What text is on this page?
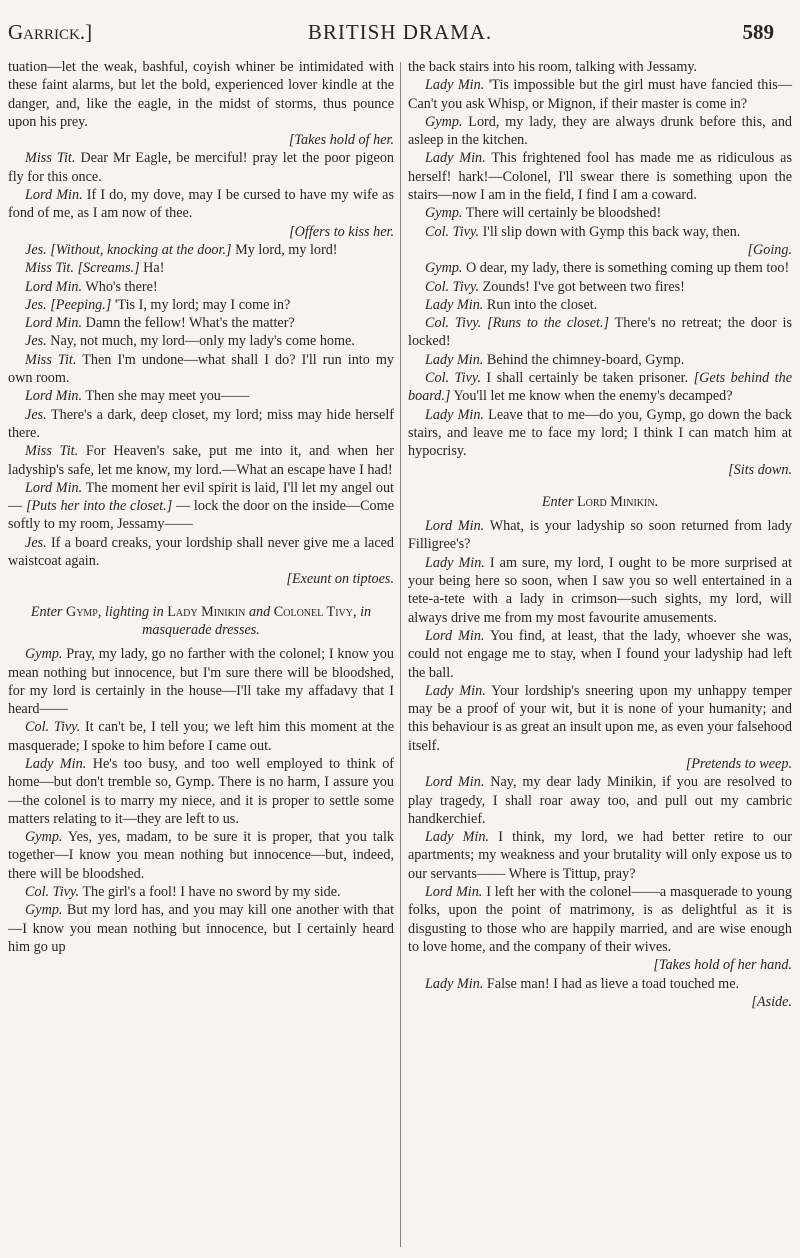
Garrick.]	BRITISH DRAMA.	589

tuation—let the weak, bashful, coyish whiner be intimidated with these faint alarms, but let the bold, experienced lover kindle at the danger, and, like the eagle, in the midst of storms, thus pounce upon his prey.
[Takes hold of her.

Miss Tit. Dear Mr Eagle, be merciful! pray let the poor pigeon fly for this once.

Lord Min. If I do, my dove, may I be cursed to have my wife as fond of me, as I am now of thee.
[Offers to kiss her.

Jes. [Without, knocking at the door.] My lord, my lord!

Miss Tit. [Screams.] Ha!

Lord Min. Who's there!

Jes. [Peeping.] 'Tis I, my lord; may I come in?

Lord Min. Damn the fellow! What's the matter?

Jes. Nay, not much, my lord—only my lady's come home.

Miss Tit. Then I'm undone—what shall I do? I'll run into my own room.

Lord Min. Then she may meet you——

Jes. There's a dark, deep closet, my lord; miss may hide herself there.

Miss Tit. For Heaven's sake, put me into it, and when her ladyship's safe, let me know, my lord.—What an escape have I had!

Lord Min. The moment her evil spirit is laid, I'll let my angel out— [Puts her into the closet.] — lock the door on the inside—Come softly to my room, Jessamy——

Jes. If a board creaks, your lordship shall never give me a laced waistcoat again.
[Exeunt on tiptoes.

Enter Gymp, lighting in Lady Minikin and Colonel Tivy, in masquerade dresses.

Gymp. Pray, my lady, go no farther with the colonel; I know you mean nothing but innocence, but I'm sure there will be bloodshed, for my lord is certainly in the house—I'll take my affadavy that I heard——

Col. Tivy. It can't be, I tell you; we left him this moment at the masquerade; I spoke to him before I came out.

Lady Min. He's too busy, and too well employed to think of home—but don't tremble so, Gymp. There is no harm, I assure you—the colonel is to marry my niece, and it is proper to settle some matters relating to it—they are left to us.

Gymp. Yes, yes, madam, to be sure it is proper, that you talk together—I know you mean nothing but innocence—but, indeed, there will be bloodshed.

Col. Tivy. The girl's a fool! I have no sword by my side.

Gymp. But my lord has, and you may kill one another with that—I know you mean nothing but innocence, but I certainly heard him go up

the back stairs into his room, talking with Jessamy.

Lady Min. 'Tis impossible but the girl must have fancied this—Can't you ask Whisp, or Mignon, if their master is come in?

Gymp. Lord, my lady, they are always drunk before this, and asleep in the kitchen.

Lady Min. This frightened fool has made me as ridiculous as herself! hark!—Colonel, I'll swear there is something upon the stairs—now I am in the field, I find I am a coward.

Gymp. There will certainly be bloodshed!

Col. Tivy. I'll slip down with Gymp this back way, then.
[Going.

Gymp. O dear, my lady, there is something coming up them too!

Col. Tivy. Zounds! I've got between two fires!

Lady Min. Run into the closet.

Col. Tivy. [Runs to the closet.] There's no retreat; the door is locked!

Lady Min. Behind the chimney-board, Gymp.

Col. Tivy. I shall certainly be taken prisoner. [Gets behind the board.] You'll let me know when the enemy's decamped?

Lady Min. Leave that to me—do you, Gymp, go down the back stairs, and leave me to face my lord; I think I can match him at hypocrisy.
[Sits down.

Enter Lord Minikin.

Lord Min. What, is your ladyship so soon returned from lady Filligree's?

Lady Min. I am sure, my lord, I ought to be more surprised at your being here so soon, when I saw you so well entertained in a tete-a-tete with a lady in crimson—such sights, my lord, will always drive me from my most favourite amusements.

Lord Min. You find, at least, that the lady, whoever she was, could not engage me to stay, when I found your ladyship had left the ball.

Lady Min. Your lordship's sneering upon my unhappy temper may be a proof of your wit, but it is none of your humanity; and this behaviour is as great an insult upon me, as even your falsehood itself.
[Pretends to weep.

Lord Min. Nay, my dear lady Minikin, if you are resolved to play tragedy, I shall roar away too, and pull out my cambric handkerchief.

Lady Min. I think, my lord, we had better retire to our apartments; my weakness and your brutality will only expose us to our servants—— Where is Tittup, pray?

Lord Min. I left her with the colonel——a masquerade to young folks, upon the point of matrimony, is as delightful as it is disgusting to those who are happily married, and are wise enough to love home, and the company of their wives.
[Takes hold of her hand.

Lady Min. False man! I had as lieve a toad touched me.
[Aside.
